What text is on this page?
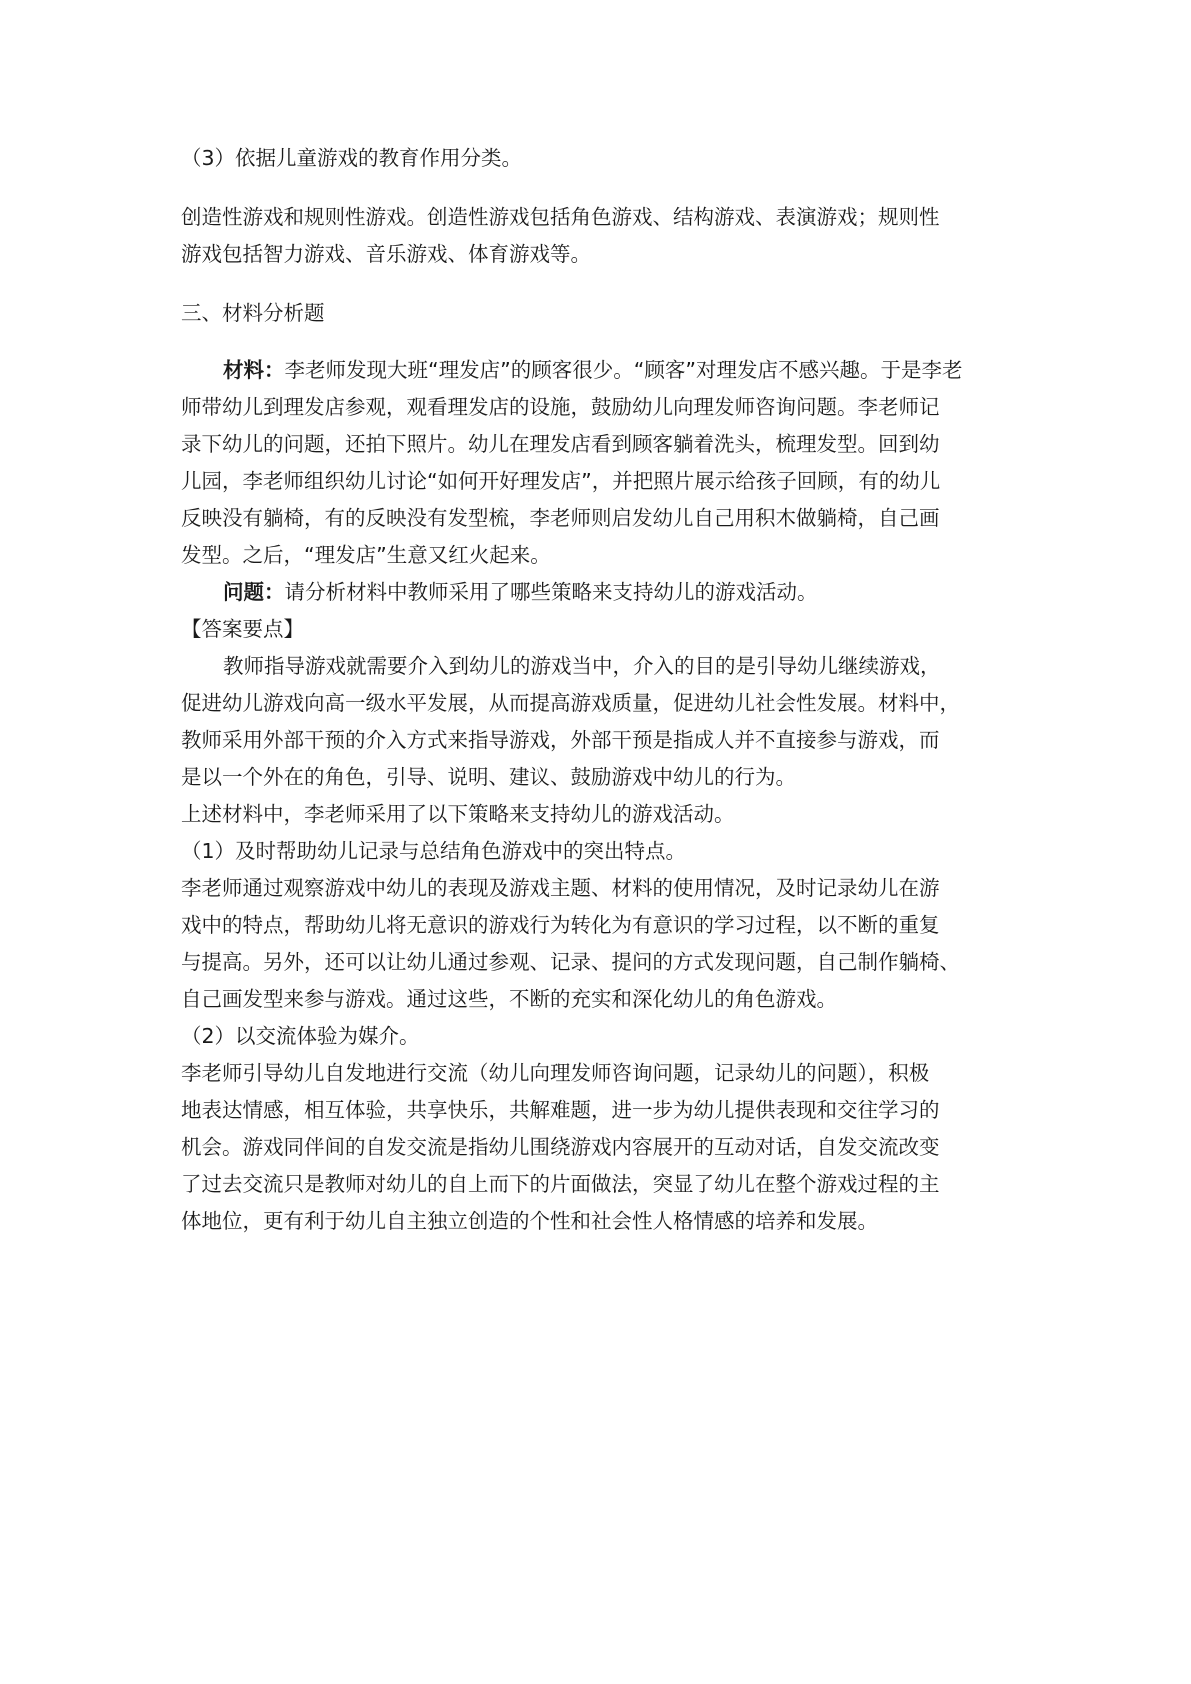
（3）依据儿童游戏的教育作用分类。
创造性游戏和规则性游戏。创造性游戏包括角色游戏、结构游戏、表演游戏；规则性
游戏包括智力游戏、音乐游戏、体育游戏等。
三、材料分析题
材料：李老师发现大班“理发店”的顾客很少。“顾客”对理发店不感兴趣。于是李老
师带幼儿到理发店参观，观看理发店的设施，鼓励幼儿向理发师咨询问题。李老师记
录下幼儿的问题，还拍下照片。幼儿在理发店看到顾客躺着洗头，梳理发型。回到幼
儿园，李老师组织幼儿讨论“如何开好理发店”，并把照片展示给孩子回顾，有的幼儿
反映没有躺椅，有的反映没有发型梳，李老师则启发幼儿自己用积木做躺椅，自己画
发型。之后，“理发店”生意又红火起来。
问题：请分析材料中教师采用了哪些策略来支持幼儿的游戏活动。
【答案要点】
教师指导游戏就需要介入到幼儿的游戏当中，介入的目的是引导幼儿继续游戏，
促进幼儿游戏向高一级水平发展，从而提高游戏质量，促进幼儿社会性发展。材料中，
教师采用外部干预的介入方式来指导游戏，外部干预是指成人并不直接参与游戏，而
是以一个外在的角色，引导、说明、建议、鼓励游戏中幼儿的行为。
上述材料中，李老师采用了以下策略来支持幼儿的游戏活动。
（1）及时帮助幼儿记录与总结角色游戏中的突出特点。
李老师通过观察游戏中幼儿的表现及游戏主题、材料的使用情况，及时记录幼儿在游
戏中的特点，帮助幼儿将无意识的游戏行为转化为有意识的学习过程，以不断的重复
与提高。另外，还可以让幼儿通过参观、记录、提问的方式发现问题，自己制作躺椅、
自己画发型来参与游戏。通过这些，不断的充实和深化幼儿的角色游戏。
（2）以交流体验为媒介。
李老师引导幼儿自发地进行交流（幼儿向理发师咨询问题，记录幼儿的问题），积极
地表达情感，相互体验，共享快乐，共解难题，进一步为幼儿提供表现和交往学习的
机会。游戏同伴间的自发交流是指幼儿围绕游戏内容展开的互动对话，自发交流改变
了过去交流只是教师对幼儿的自上而下的片面做法，突显了幼儿在整个游戏过程的主
体地位，更有利于幼儿自主独立创造的个性和社会性人格情感的培养和发展。
